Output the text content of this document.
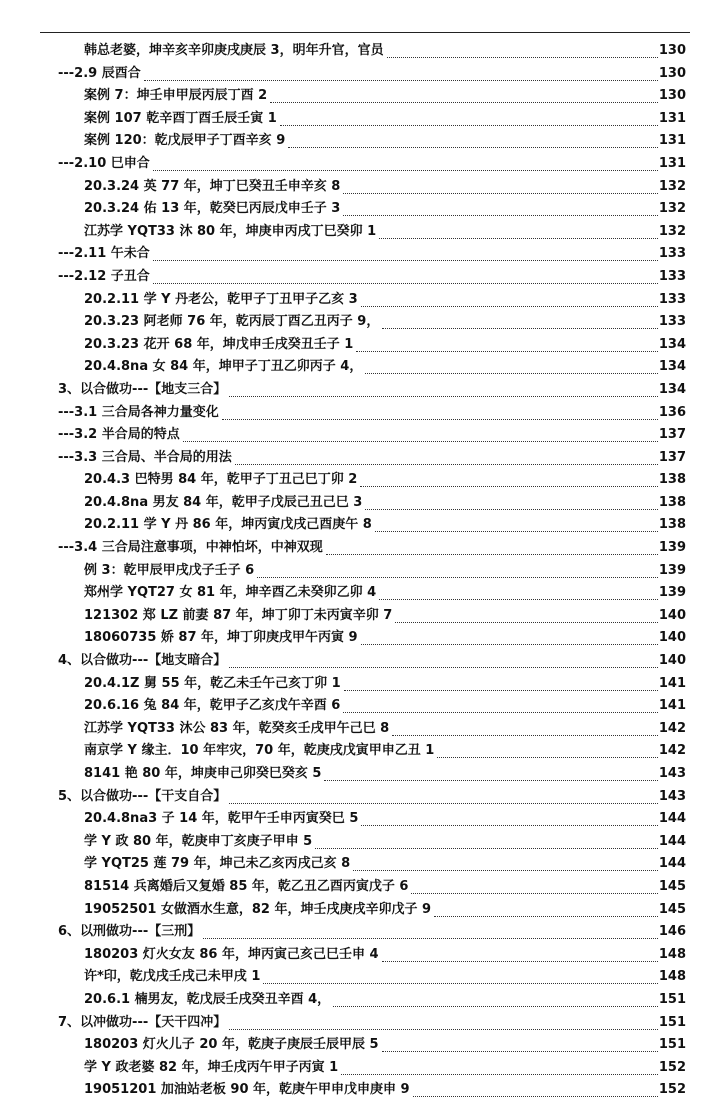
韩总老婆，坤辛亥辛卯庚戌庚辰 3，明年升官，官员	130
---2.9 辰酉合	130
案例 7：坤壬申甲辰丙辰丁酉 2	130
案例 107 乾辛酉丁酉壬辰壬寅 1	131
案例 120：乾戊辰甲子丁酉辛亥 9	131
---2.10 巳申合	131
20.3.24 英 77 年，坤丁巳癸丑壬申辛亥 8	132
20.3.24 佑 13 年，乾癸巳丙辰戊申壬子 3	132
江苏学 YQT33 沐 80 年，坤庚申丙戌丁巳癸卯 1	132
---2.11 午未合	133
---2.12 子丑合	133
20.2.11 学 Y 丹老公，乾甲子丁丑甲子乙亥 3	133
20.3.23 阿老师 76 年，乾丙辰丁酉乙丑丙子 9，	133
20.3.23 花开 68 年，坤戊申壬戌癸丑壬子 1	134
20.4.8na 女 84 年，坤甲子丁丑乙卯丙子 4，	134
3、以合做功---【地支三合】	134
---3.1 三合局各神力量变化	136
---3.2 半合局的特点	137
---3.3 三合局、半合局的用法	137
20.4.3 巴特男 84 年，乾甲子丁丑己巳丁卯 2	138
20.4.8na 男友 84 年，乾甲子戊辰己丑己巳 3	138
20.2.11 学 Y 丹 86 年，坤丙寅戊戌己酉庚午 8	138
---3.4 三合局注意事项，中神怕坏，中神双现	139
例 3：乾甲辰甲戌戊子壬子 6	139
郑州学 YQT27 女 81 年，坤辛酉乙未癸卯乙卯 4	139
121302 郑 LZ 前妻 87 年，坤丁卯丁未丙寅辛卯 7	140
18060735 娇 87 年，坤丁卯庚戌甲午丙寅 9	140
4、以合做功---【地支暗合】	140
20.4.1Z 舅 55 年，乾乙未壬午己亥丁卯 1	141
20.6.16 兔 84 年，乾甲子乙亥戊午辛酉 6	141
江苏学 YQT33 沐公 83 年，乾癸亥壬戌甲午己巳 8	142
南京学 Y 缘主．10 年牢灾，70 年，乾庚戌戊寅甲申乙丑 1	142
8141 艳 80 年，坤庚申己卯癸巳癸亥 5	143
5、以合做功---【干支自合】	143
20.4.8na3 子 14 年，乾甲午壬申丙寅癸巳 5	144
学 Y 政 80 年，乾庚申丁亥庚子甲申 5	144
学 YQT25 莲 79 年，坤己未乙亥丙戌己亥 8	144
81514 兵离婚后又复婚 85 年，乾乙丑乙酉丙寅戊子 6	145
19052501 女做酒水生意，82 年，坤壬戌庚戌辛卯戊子 9	145
6、以刑做功---【三刑】	146
180203 灯火女友 86 年，坤丙寅己亥己巳壬申 4	148
许*印，乾戊戌壬戌己未甲戌 1	148
20.6.1 楠男友，乾戊辰壬戌癸丑辛酉 4，	151
7、以冲做功---【天干四冲】	151
180203 灯火儿子 20 年，乾庚子庚辰壬辰甲辰 5	151
学 Y 政老婆 82 年，坤壬戌丙午甲子丙寅 1	152
19051201 加油站老板 90 年，乾庚午甲申戊申庚申 9	152
